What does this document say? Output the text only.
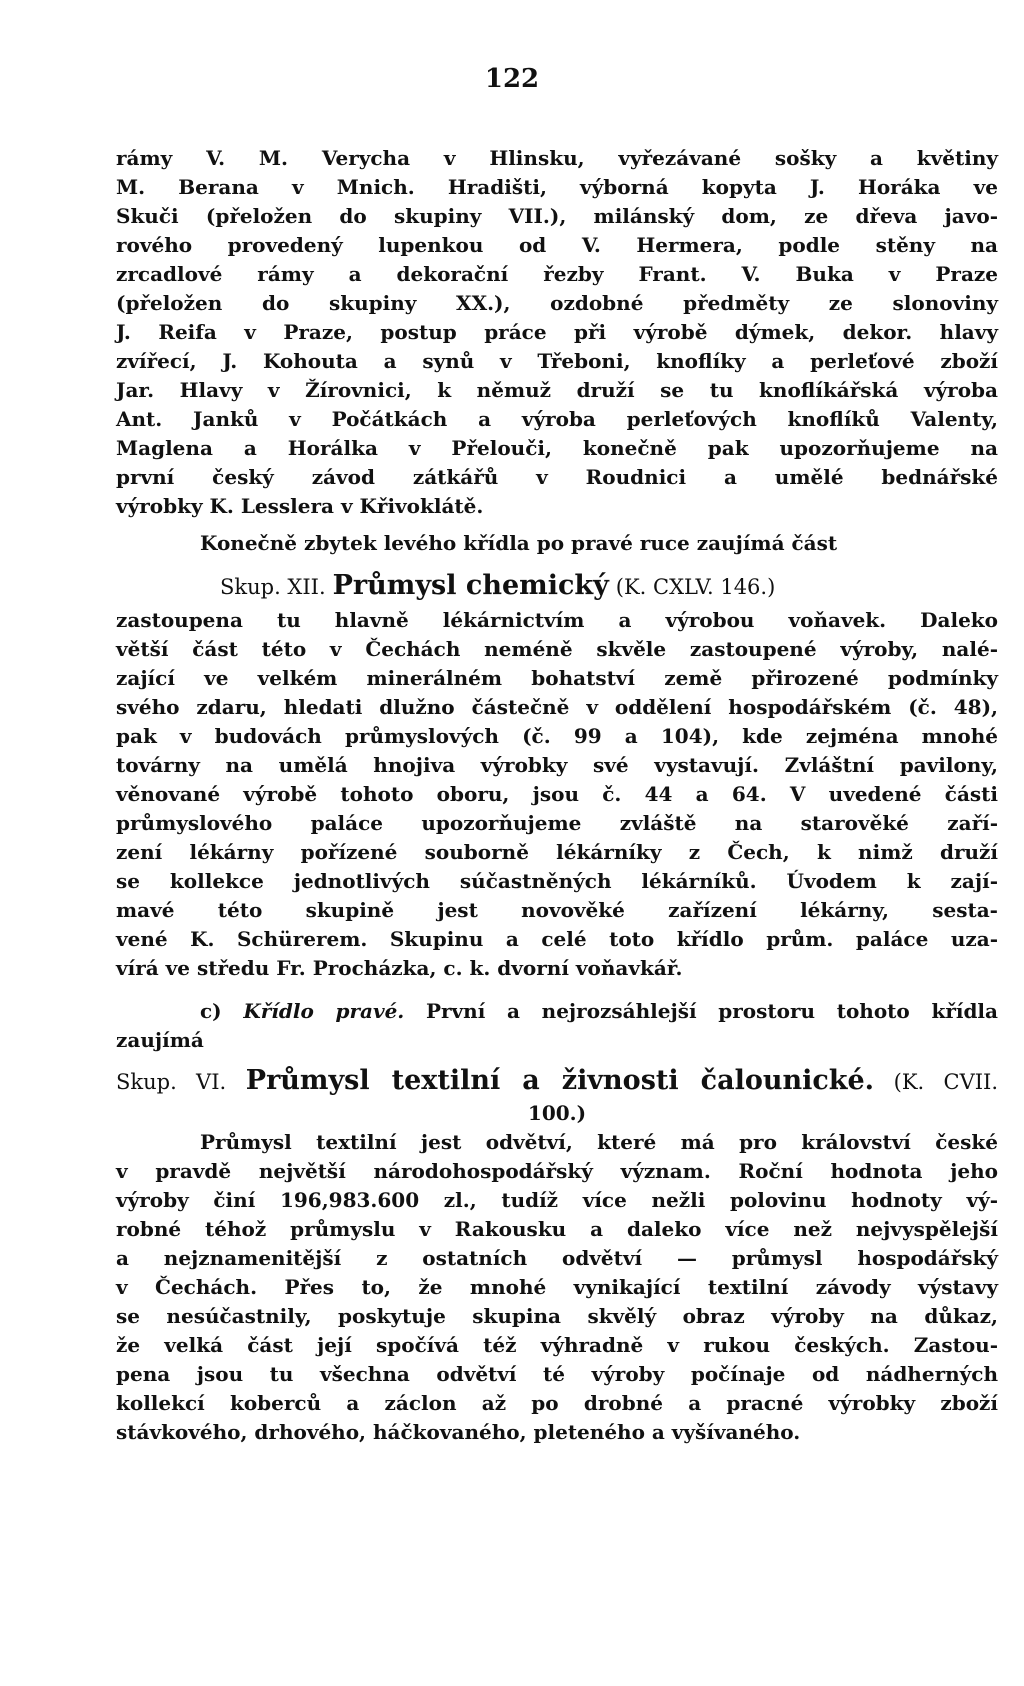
122
rámy V. M. Verycha v Hlinsku, vyřezávané sošky a květiny
M. Berana v Mnich. Hradišti, výborná kopyta J. Horáka ve
Skuči (přeložen do skupiny VII.), milánský dom, ze dřeva javo-
rového provedený lupenkou od V. Hermera, podle stěny na
zrcadlové rámy a dekorační řezby Frant. V. Buka v Praze
(přeložen do skupiny XX.), ozdobné předměty ze slonoviny
J. Reifa v Praze, postup práce při výrobě dýmek, dekor. hlavy
zvířecí, J. Kohouta a synů v Třeboni, knoflíky a perleťové zboží
Jar. Hlavy v Žírovnici, k němuž druží se tu knoflíkářská výroba
Ant. Janků v Počátkách a výroba perleťových knoflíků Valenty,
Maglena a Horálka v Přelouči, konečně pak upozorňujeme na
první český závod zátkářů v Roudnici a umělé bednářské
výrobky K. Lesslera v Křivoklátě.
Konečně zbytek levého křídla po pravé ruce zaujímá část
Skup. XII. Průmysl chemický (K. CXLV. 146.)
zastoupena tu hlavně lékárnictvím a výrobou voňavek. Daleko
větší část této v Čechách neméně skvěle zastoupené výroby, nalé-
zající ve velkém minerálném bohatství země přirozené podmínky
svého zdaru, hledati dlužno částečně v oddělení hospodářském (č. 48),
pak v budovách průmyslových (č. 99 a 104), kde zejména mnohé
továrny na umělá hnojiva výrobky své vystavují. Zvláštní pavilony,
věnované výrobě tohoto oboru, jsou č. 44 a 64. V uvedené části
průmyslového paláce upozorňujeme zvláště na starověké zaří-
zení lékárny pořízené souborně lékárníky z Čech, k nimž druží
se kollekce jednotlivých súčastněných lékárníků. Úvodem k zají-
mavé této skupině jest novověké zařízení lékárny, sesta-
vené K. Schürerem. Skupinu a celé toto křídlo prům. paláce uza-
vírá ve středu Fr. Procházka, c. k. dvorní voňavkář.
c) Křídlo pravé. První a nejrozsáhlejší prostoru tohoto křídla
zaujímá
Skup. VI. Průmysl textilní a živnosti čalounické. (K. CVII.
100.)
Průmysl textilní jest odvětví, které má pro království české
v pravdě největší národohospodářský význam. Roční hodnota jeho
výroby činí 196,983.600 zl., tudíž více nežli polovinu hodnoty vý-
robné téhož průmyslu v Rakousku a daleko více než nejvyspělejší
a nejznamenitější z ostatních odvětví — průmysl hospodářský
v Čechách. Přes to, že mnohé vynikající textilní závody výstavy
se nesúčastnily, poskytuje skupina skvělý obraz výroby na důkaz,
že velká část její spočívá též výhradně v rukou českých. Zastou-
pena jsou tu všechna odvětví té výroby počínaje od nádherných
kollekcí koberců a záclon až po drobné a pracné výrobky zboží
stávkového, drhového, háčkovaného, pleteného a vyšívaného.
